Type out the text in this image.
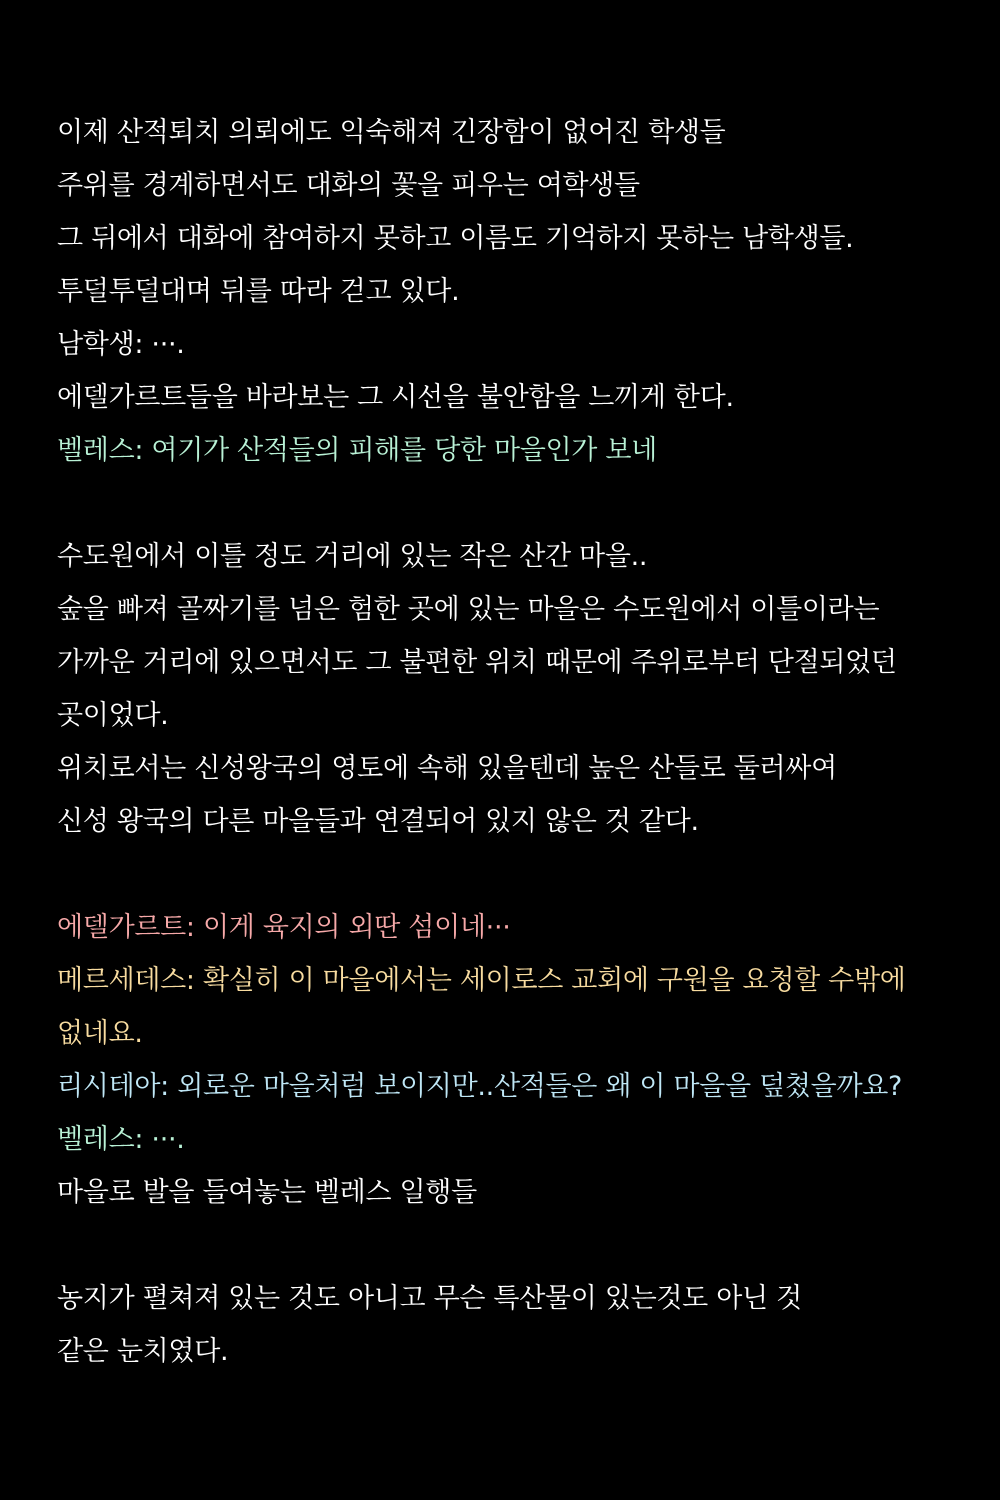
이제 산적퇴치 의뢰에도 익숙해져 긴장함이 없어진 학생들
주위를 경계하면서도 대화의 꽃을 피우는 여학생들
그 뒤에서 대화에 참여하지 못하고 이름도 기억하지 못하는 남학생들.
투덜투덜대며 뒤를 따라 걷고 있다.
남학생: ···.
에델가르트들을 바라보는 그 시선을 불안함을 느끼게 한다.
벨레스: 여기가 산적들의 피해를 당한 마을인가 보네
수도원에서 이틀 정도 거리에 있는 작은 산간 마을..
숲을 빠져 골짜기를 넘은 험한 곳에 있는 마을은 수도원에서 이틀이라는
가까운 거리에 있으면서도 그 불편한 위치 때문에 주위로부터 단절되었던
곳이었다.
위치로서는 신성왕국의 영토에 속해 있을텐데 높은 산들로 둘러싸여
신성 왕국의 다른 마을들과 연결되어 있지 않은 것 같다.
에델가르트: 이게 육지의 외딴 섬이네···
메르세데스: 확실히 이 마을에서는 세이로스 교회에 구원을 요청할 수밖에
없네요.
리시테아: 외로운 마을처럼 보이지만..산적들은 왜 이 마을을 덮쳤을까요?
벨레스: ···.
마을로 발을 들여놓는 벨레스 일행들
농지가 펼쳐져 있는 것도 아니고 무슨 특산물이 있는것도 아닌 것
같은 눈치였다.
